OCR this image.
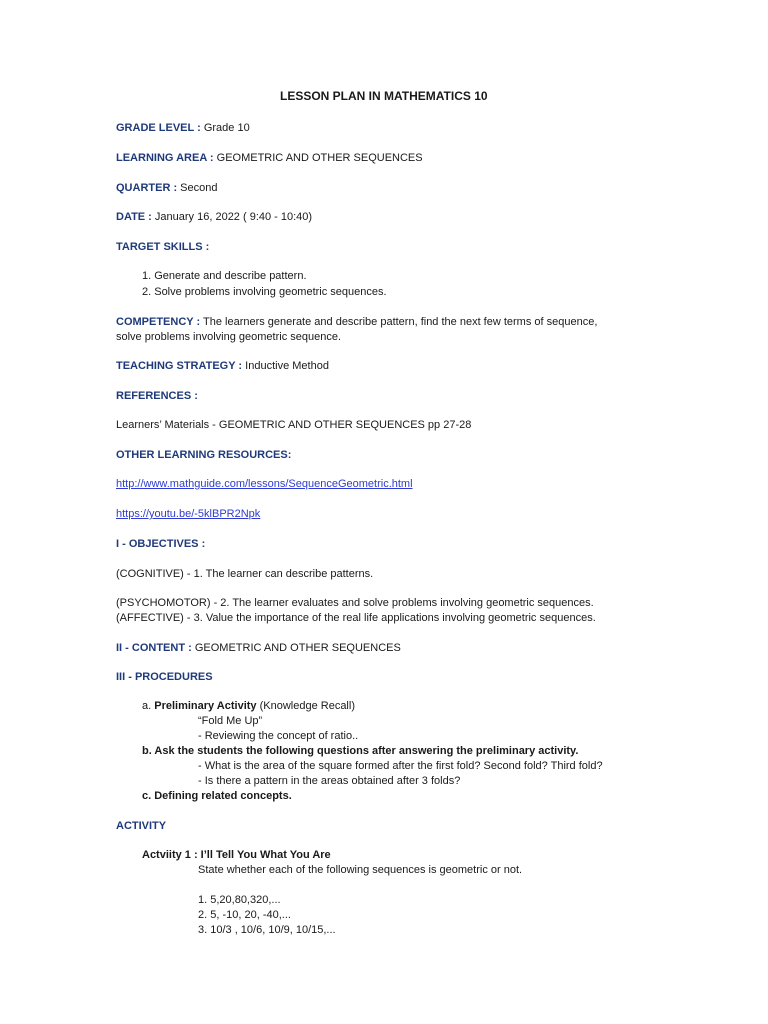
LESSON PLAN IN MATHEMATICS 10
GRADE LEVEL : Grade 10
LEARNING AREA : GEOMETRIC AND OTHER SEQUENCES
QUARTER : Second
DATE : January 16, 2022 ( 9:40 - 10:40)
TARGET SKILLS :
1. Generate and describe pattern.
2. Solve problems involving geometric sequences.
COMPETENCY : The learners generate and describe pattern, find the next few terms of sequence,
solve problems involving geometric sequence.
TEACHING STRATEGY : Inductive Method
REFERENCES :
Learners’ Materials - GEOMETRIC AND OTHER SEQUENCES pp 27-28
OTHER LEARNING RESOURCES:
http://www.mathguide.com/lessons/SequenceGeometric.html
https://youtu.be/-5klBPR2Npk
I - OBJECTIVES :
(COGNITIVE) - 1. The learner can describe patterns.
(PSYCHOMOTOR) - 2. The learner evaluates and solve problems involving geometric sequences.
(AFFECTIVE) - 3. Value the importance of the real life applications involving geometric sequences.
II - CONTENT : GEOMETRIC AND OTHER SEQUENCES
III - PROCEDURES
a. Preliminary Activity (Knowledge Recall)
“Fold Me Up”
- Reviewing the concept of ratio..
b. Ask the students the following questions after answering the preliminary activity.
- What is the area of the square formed after the first fold? Second fold? Third fold?
- Is there a pattern in the areas obtained after 3 folds?
c. Defining related concepts.
ACTIVITY
Actviity 1 : I’ll Tell You What You Are
State whether each of the following sequences is geometric or not.
1. 5,20,80,320,...
2. 5, -10, 20, -40,...
3. 10/3 , 10/6, 10/9, 10/15,...
